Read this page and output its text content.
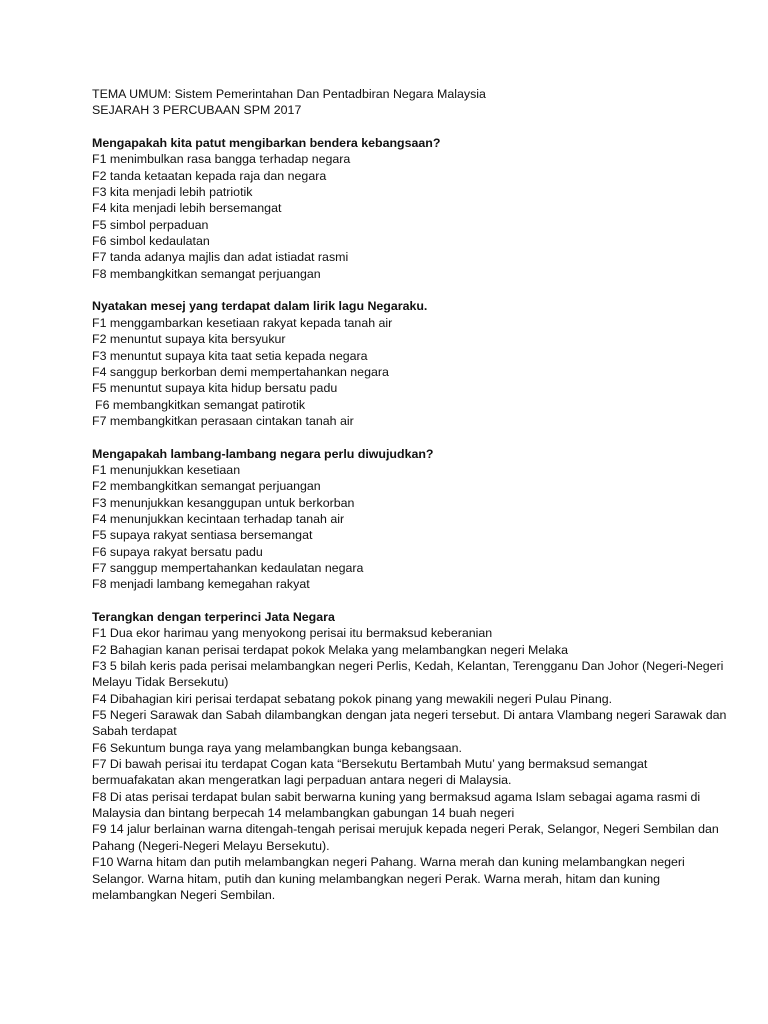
TEMA UMUM: Sistem Pemerintahan Dan Pentadbiran Negara Malaysia

SEJARAH 3 PERCUBAAN SPM 2017

Mengapakah kita patut mengibarkan bendera kebangsaan?

F1 menimbulkan rasa bangga terhadap negara

F2 tanda ketaatan kepada raja dan negara

F3 kita menjadi lebih patriotik

F4 kita menjadi lebih bersemangat

F5 simbol perpaduan

F6 simbol kedaulatan

F7 tanda adanya majlis dan adat istiadat rasmi

F8 membangkitkan semangat perjuangan

Nyatakan mesej yang terdapat dalam lirik lagu Negaraku.

F1 menggambarkan kesetiaan rakyat kepada tanah air

F2 menuntut supaya kita bersyukur

F3 menuntut supaya kita taat setia kepada negara

F4 sanggup berkorban demi mempertahankan negara

F5 menuntut supaya kita hidup bersatu padu

F6 membangkitkan semangat patirotik

F7 membangkitkan perasaan cintakan tanah air

Mengapakah lambang-lambang negara perlu diwujudkan?

F1 menunjukkan kesetiaan

F2 membangkitkan semangat perjuangan

F3 menunjukkan kesanggupan untuk berkorban

F4 menunjukkan kecintaan terhadap tanah air

F5 supaya rakyat sentiasa bersemangat

F6 supaya rakyat bersatu padu

F7 sanggup mempertahankan kedaulatan negara

F8 menjadi lambang kemegahan rakyat

Terangkan dengan terperinci Jata Negara

F1 Dua ekor harimau yang menyokong perisai itu bermaksud keberanian

F2 Bahagian kanan perisai terdapat pokok Melaka yang melambangkan negeri Melaka

F3 5 bilah keris pada perisai melambangkan negeri Perlis, Kedah, Kelantan, Terengganu Dan Johor (Negeri-Negeri Melayu Tidak Bersekutu)

F4 Dibahagian kiri perisai terdapat sebatang pokok pinang yang mewakili negeri Pulau Pinang.

F5 Negeri Sarawak dan Sabah dilambangkan dengan jata negeri tersebut. Di antara Vlambang negeri Sarawak dan Sabah terdapat

F6 Sekuntum bunga raya yang melambangkan bunga kebangsaan.

F7 Di bawah perisai itu terdapat Cogan kata “Bersekutu Bertambah Mutu’ yang bermaksud semangat bermuafakatan akan mengeratkan lagi perpaduan antara negeri di Malaysia.

F8 Di atas perisai terdapat bulan sabit berwarna kuning yang bermaksud agama Islam sebagai agama rasmi di Malaysia dan bintang berpecah 14 melambangkan gabungan 14 buah negeri

F9 14 jalur berlainan warna ditengah-tengah perisai merujuk kepada negeri Perak, Selangor, Negeri Sembilan dan Pahang (Negeri-Negeri Melayu Bersekutu).

F10 Warna hitam dan putih melambangkan negeri Pahang. Warna merah dan kuning melambangkan negeri Selangor. Warna hitam, putih dan kuning melambangkan negeri Perak. Warna merah, hitam dan kuning melambangkan Negeri Sembilan.
